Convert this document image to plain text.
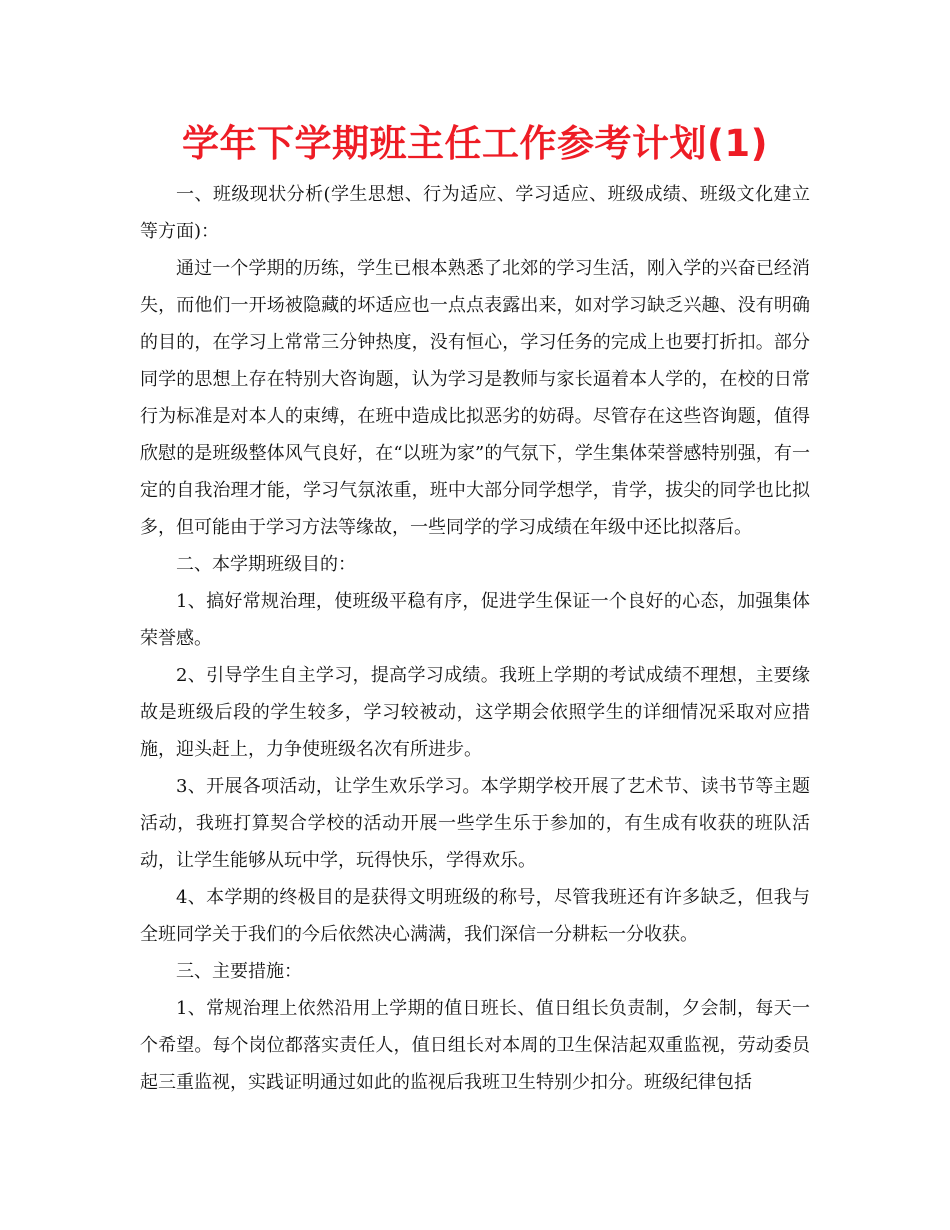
学年下学期班主任工作参考计划(1)

一、班级现状分析(学生思想、行为适应、学习适应、班级成绩、班级文化建立等方面)：

通过一个学期的历练，学生已根本熟悉了北郊的学习生活，刚入学的兴奋已经消失，而他们一开场被隐藏的坏适应也一点点表露出来，如对学习缺乏兴趣、没有明确的目的，在学习上常常三分钟热度，没有恒心，学习任务的完成上也要打折扣。部分同学的思想上存在特别大咨询题，认为学习是教师与家长逼着本人学的，在校的日常行为标准是对本人的束缚，在班中造成比拟恶劣的妨碍。尽管存在这些咨询题，值得欣慰的是班级整体风气良好，在“以班为家”的气氛下，学生集体荣誉感特别强，有一定的自我治理才能，学习气氛浓重，班中大部分同学想学，肯学，拔尖的同学也比拟多，但可能由于学习方法等缘故，一些同学的学习成绩在年级中还比拟落后。

二、本学期班级目的：

1、搞好常规治理，使班级平稳有序，促进学生保证一个良好的心态，加强集体荣誉感。

2、引导学生自主学习，提高学习成绩。我班上学期的考试成绩不理想，主要缘故是班级后段的学生较多，学习较被动，这学期会依照学生的详细情况采取对应措施，迎头赶上，力争使班级名次有所进步。

3、开展各项活动，让学生欢乐学习。本学期学校开展了艺术节、读书节等主题活动，我班打算契合学校的活动开展一些学生乐于参加的，有生成有收获的班队活动，让学生能够从玩中学，玩得快乐，学得欢乐。

4、本学期的终极目的是获得文明班级的称号，尽管我班还有许多缺乏，但我与全班同学关于我们的今后依然决心满满，我们深信一分耕耘一分收获。

三、主要措施：

1、常规治理上依然沿用上学期的值日班长、值日组长负责制，夕会制，每天一个希望。每个岗位都落实责任人，值日组长对本周的卫生保洁起双重监视，劳动委员起三重监视，实践证明通过如此的监视后我班卫生特别少扣分。班级纪律包括
